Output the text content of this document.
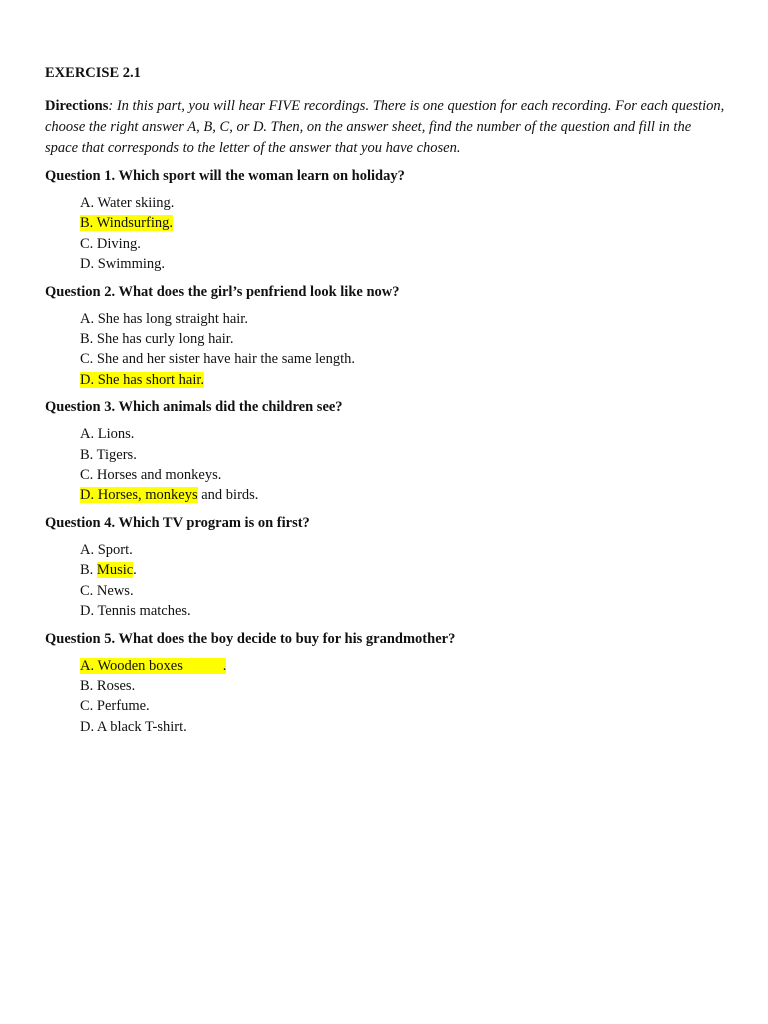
EXERCISE 2.1
Directions: In this part, you will hear FIVE recordings. There is one question for each recording. For each question, choose the right answer A, B, C, or D. Then, on the answer sheet, find the number of the question and fill in the space that corresponds to the letter of the answer that you have chosen.
Question 1. Which sport will the woman learn on holiday?
A. Water skiing.
B. Windsurfing.
C. Diving.
D. Swimming.
Question 2. What does the girl’s penfriend look like now?
A. She has long straight hair.
B. She has curly long hair.
C. She and her sister have hair the same length.
D. She has short hair.
Question 3. Which animals did the children see?
A. Lions.
B. Tigers.
C. Horses and monkeys.
D. Horses, monkeys and birds.
Question 4. Which TV program is on first?
A. Sport.
B. Music.
C. News.
D. Tennis matches.
Question 5. What does the boy decide to buy for his grandmother?
A. Wooden boxes           .
B. Roses.
C. Perfume.
D. A black T-shirt.
